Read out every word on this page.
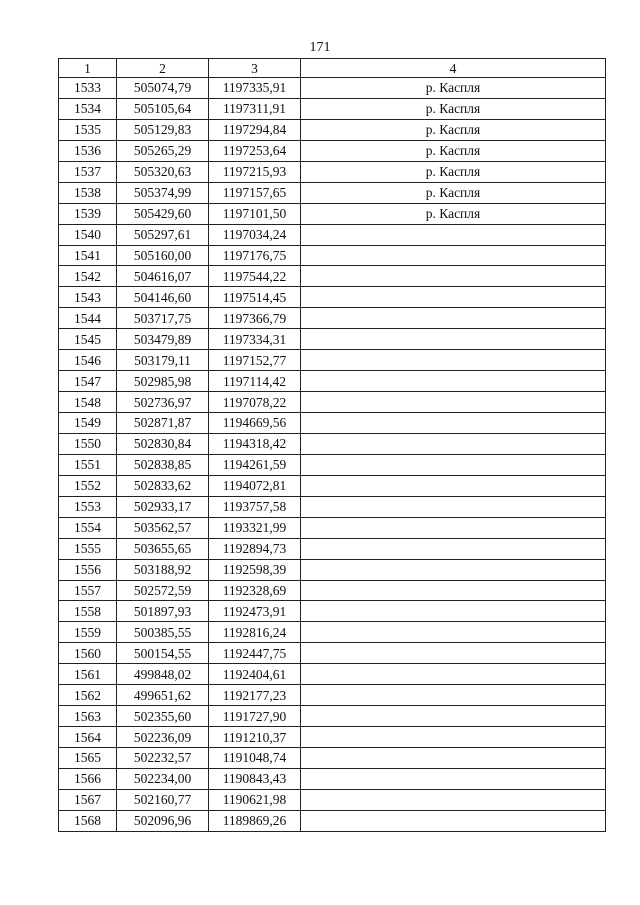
171
1	2	3	4
1533	505074,79	1197335,91	р. Каспля
1534	505105,64	1197311,91	р. Каспля
1535	505129,83	1197294,84	р. Каспля
1536	505265,29	1197253,64	р. Каспля
1537	505320,63	1197215,93	р. Каспля
1538	505374,99	1197157,65	р. Каспля
1539	505429,60	1197101,50	р. Каспля
1540	505297,61	1197034,24	
1541	505160,00	1197176,75	
1542	504616,07	1197544,22	
1543	504146,60	1197514,45	
1544	503717,75	1197366,79	
1545	503479,89	1197334,31	
1546	503179,11	1197152,77	
1547	502985,98	1197114,42	
1548	502736,97	1197078,22	
1549	502871,87	1194669,56	
1550	502830,84	1194318,42	
1551	502838,85	1194261,59	
1552	502833,62	1194072,81	
1553	502933,17	1193757,58	
1554	503562,57	1193321,99	
1555	503655,65	1192894,73	
1556	503188,92	1192598,39	
1557	502572,59	1192328,69	
1558	501897,93	1192473,91	
1559	500385,55	1192816,24	
1560	500154,55	1192447,75	
1561	499848,02	1192404,61	
1562	499651,62	1192177,23	
1563	502355,60	1191727,90	
1564	502236,09	1191210,37	
1565	502232,57	1191048,74	
1566	502234,00	1190843,43	
1567	502160,77	1190621,98	
1568	502096,96	1189869,26	
